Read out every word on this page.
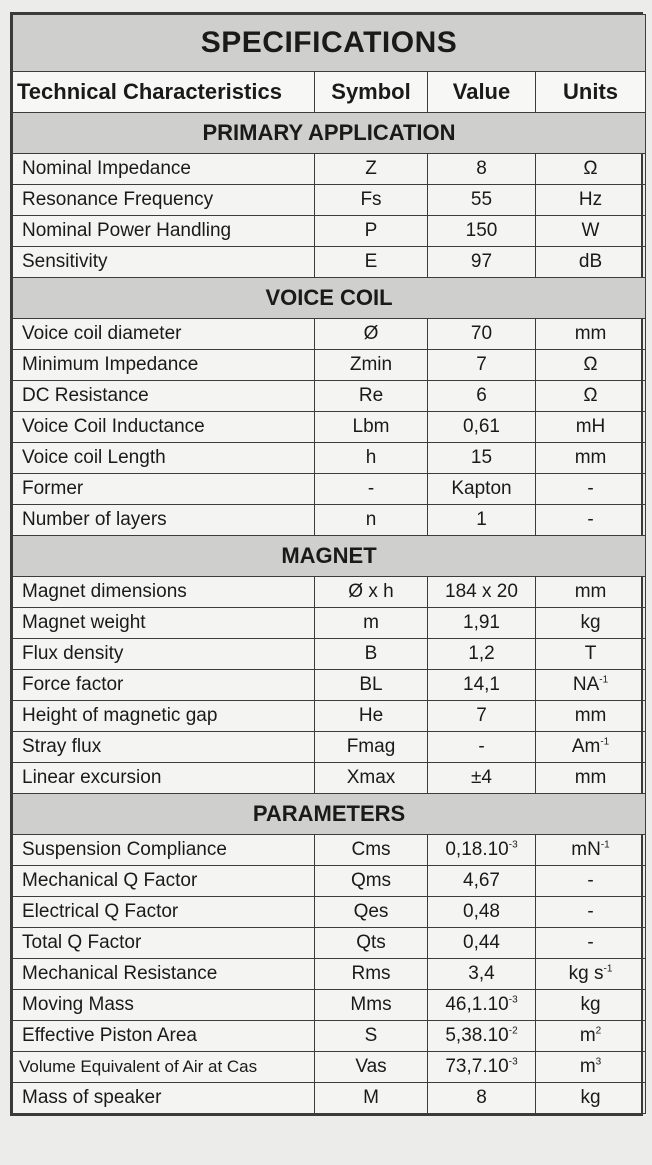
SPECIFICATIONS			
Technical Characteristics	Symbol	Value	Units
PRIMARY APPLICATION			
Nominal Impedance	Z	8	Ω
Resonance Frequency	Fs	55	Hz
Nominal Power Handling	P	150	W
Sensitivity	E	97	dB
VOICE COIL			
Voice coil diameter	Ø	70	mm
Minimum Impedance	Zmin	7	Ω
DC Resistance	Re	6	Ω
Voice Coil Inductance	Lbm	0,61	mH
Voice coil Length	h	15	mm
Former	-	Kapton	-
Number of layers	n	1	-
MAGNET			
Magnet dimensions	Ø x h	184 x 20	mm
Magnet weight	m	1,91	kg
Flux density	B	1,2	T
Force factor	BL	14,1	$NA^{-1}$
Height of magnetic gap	He	7	mm
Stray flux	Fmag	-	$Am^{-1}$
Linear excursion	Xmax	±4	mm
PARAMETERS			
Suspension Compliance	Cms	$0,18.10^{-3}$	$mN^{-1}$
Mechanical Q Factor	Qms	4,67	-
Electrical Q Factor	Qes	0,48	-
Total Q Factor	Qts	0,44	-
Mechanical Resistance	Rms	3,4	kg $s^{-1}$
Moving Mass	Mms	$46,1.10^{-3}$	kg
Effective Piston Area	S	$5,38.10^{-2}$	$m^2$
Volume Equivalent of Air at Cas	Vas	$73,7.10^{-3}$	$m^3$
Mass of speaker	M	8	kg
